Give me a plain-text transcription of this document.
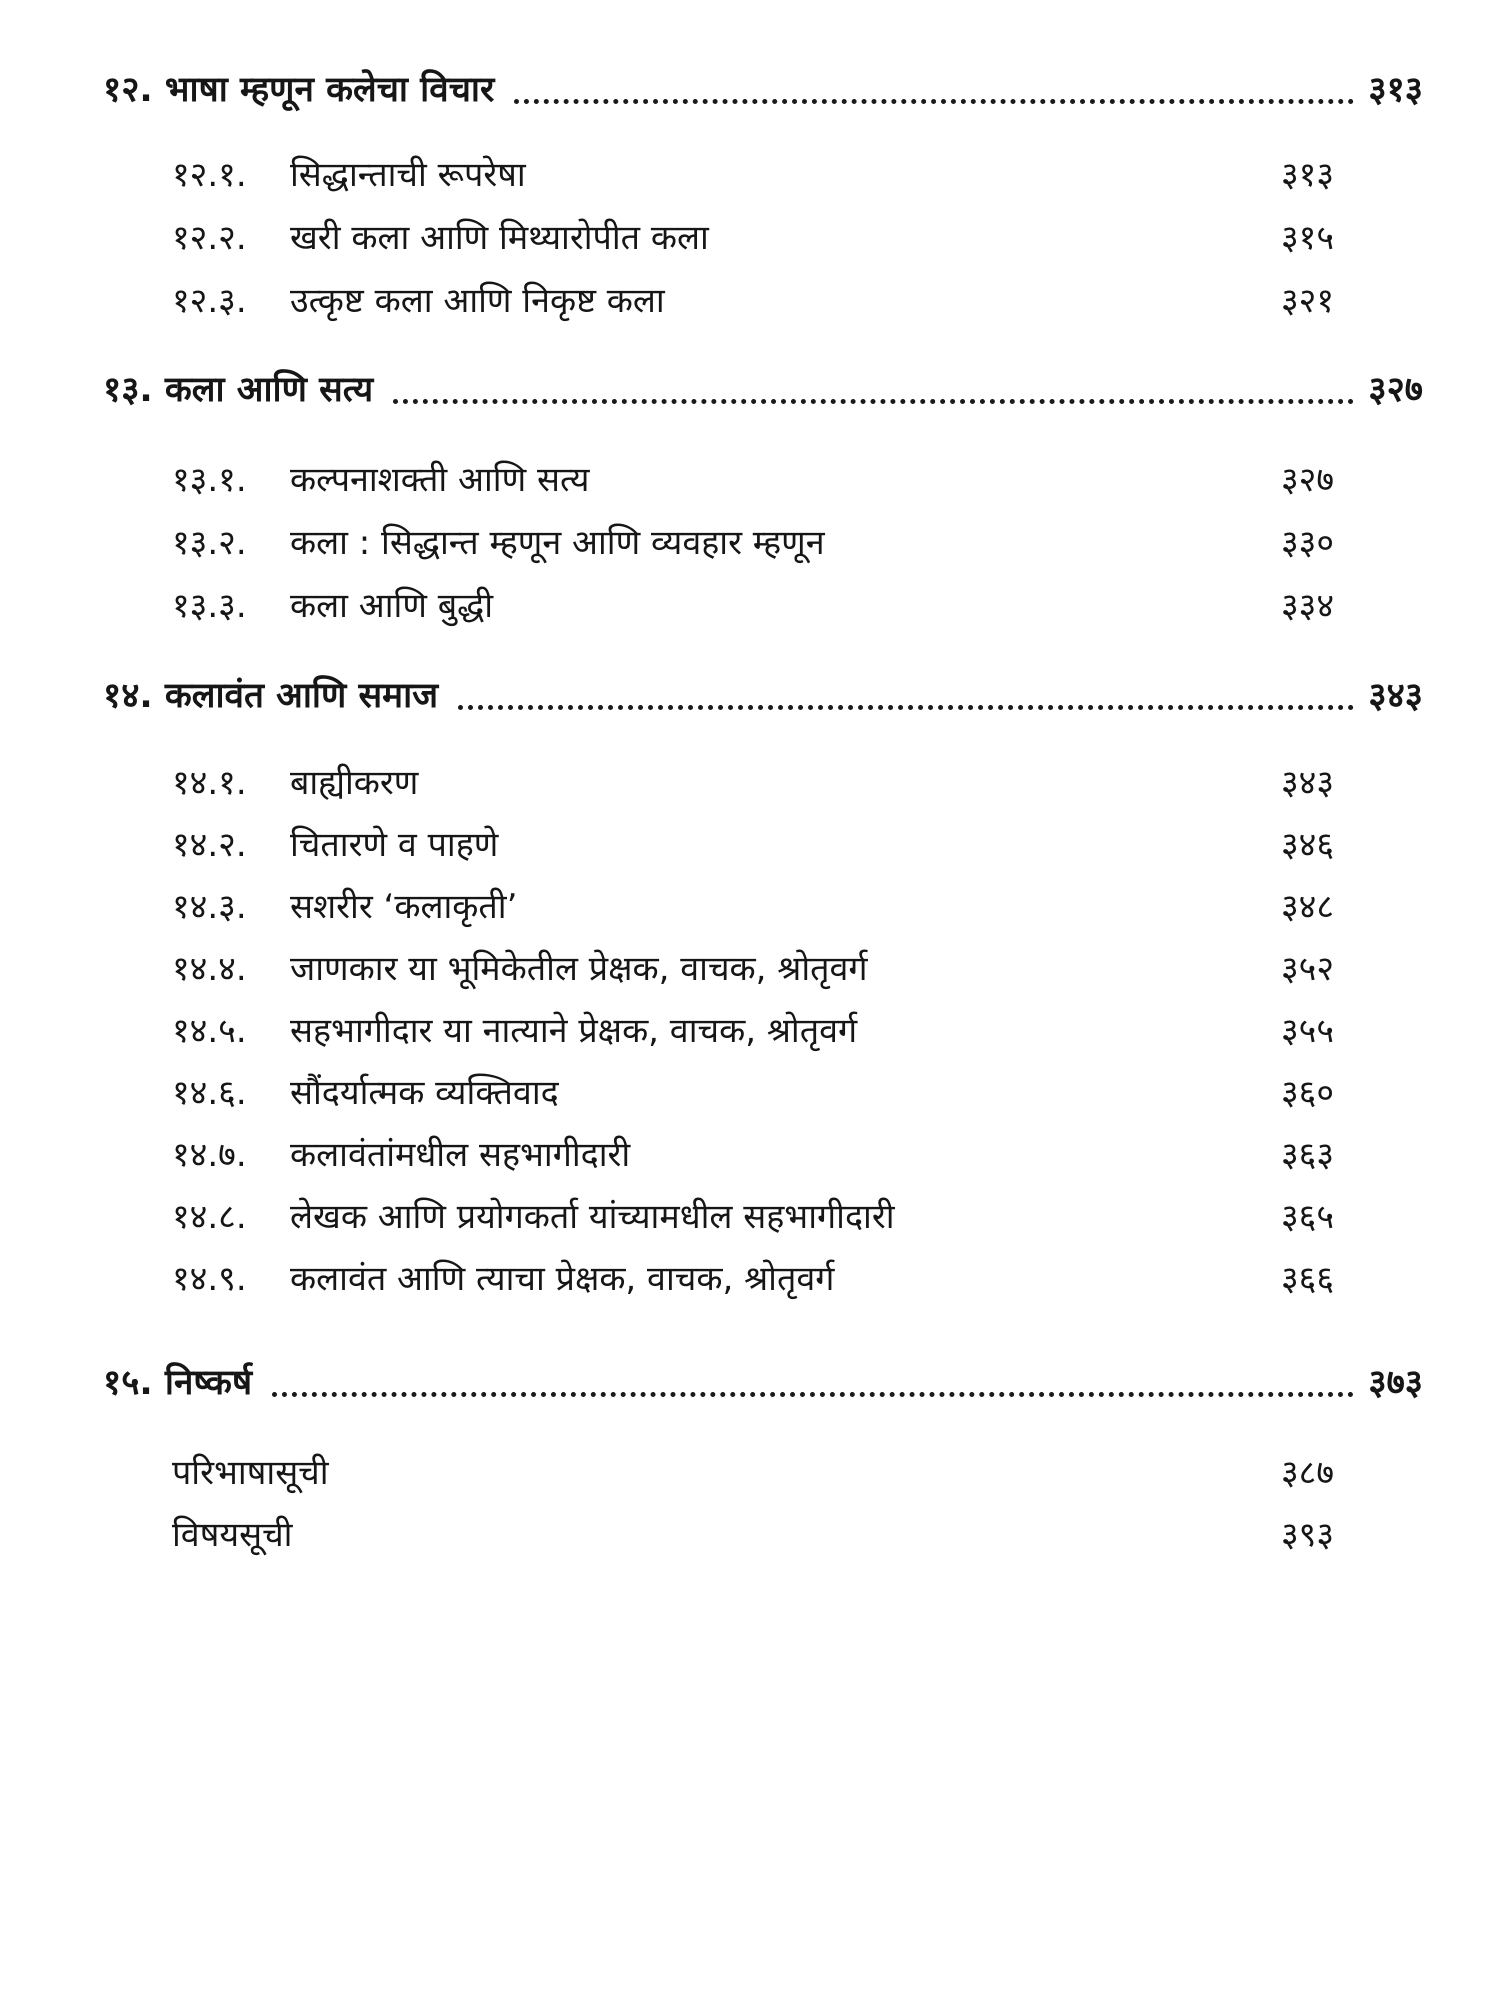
१२. भाषा म्हणून कलेचा विचार	३१३
१२.१.	सिद्धान्ताची रूपरेषा	३१३
१२.२.	खरी कला आणि मिथ्यारोपीत कला	३१५
१२.३.	उत्कृष्ट कला आणि निकृष्ट कला	३२१
१३. कला आणि सत्य	३२७
१३.१.	कल्पनाशक्ती आणि सत्य	३२७
१३.२.	कला : सिद्धान्त म्हणून आणि व्यवहार म्हणून	३३०
१३.३.	कला आणि बुद्धी	३३४
१४. कलावंत आणि समाज	३४३
१४.१.	बाह्यीकरण	३४३
१४.२.	चितारणे व पाहणे	३४६
१४.३.	सशरीर ‘कलाकृती’	३४८
१४.४.	जाणकार या भूमिकेतील प्रेक्षक, वाचक, श्रोतृवर्ग	३५२
१४.५.	सहभागीदार या नात्याने प्रेक्षक, वाचक, श्रोतृवर्ग	३५५
१४.६.	सौंदर्यात्मक व्यक्तिवाद	३६०
१४.७.	कलावंतांमधील सहभागीदारी	३६३
१४.८.	लेखक आणि प्रयोगकर्ता यांच्यामधील सहभागीदारी	३६५
१४.९.	कलावंत आणि त्याचा प्रेक्षक, वाचक, श्रोतृवर्ग	३६६
१५. निष्कर्ष	३७३
परिभाषासूची	३८७
विषयसूची	३९३
